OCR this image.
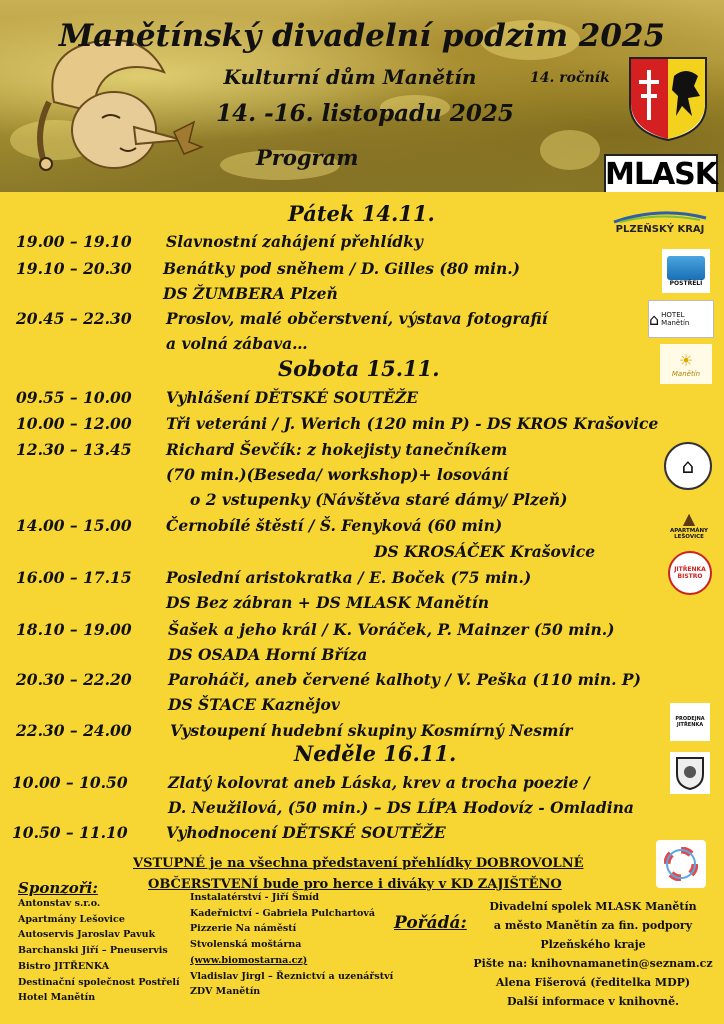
Manětínský divadelní podzim 2025
Kulturní dům Manětín	14. ročník
14. -16. listopadu 2025
Program	MLASK
Pátek 14.11.
19.00 – 19.10 Slavnostní zahájení přehlídky
19.10 – 20.30 Benátky pod sněhem / D. Gilles (80 min.)
DS ŽUMBERA Plzeň
20.45 – 22.30 Proslov, malé občerstvení, výstava fotografií
a volná zábava…
Sobota 15.11.
09.55 – 10.00 Vyhlášení DĚTSKÉ SOUTĚŽE
10.00 – 12.00 Tři veteráni / J. Werich (120 min P) - DS KROS Krašovice
12.30 – 13.45 Richard Ševčík: z hokejisty tanečníkem
(70 min.)(Beseda/ workshop)+ losování
o 2 vstupenky (Návštěva staré dámy/ Plzeň)
14.00 – 15.00 Černobílé štěstí / Š. Fenyková (60 min)
DS KROSÁČEK Krašovice
16.00 – 17.15 Poslední aristokratka / E. Boček (75 min.)
DS Bez zábran + DS MLASK Manětín
18.10 – 19.00 Šašek a jeho král / K. Voráček, P. Mainzer (50 min.)
DS OSADA Horní Bříza
20.30 – 22.20 Paroháči, aneb červené kalhoty / V. Peška (110 min. P)
DS ŠTACE Kaznějov
22.30 – 24.00 Vystoupení hudební skupiny Kosmírný Nesmír
Neděle 16.11.
10.00 – 10.50	Zlatý kolovrat aneb Láska, krev a trocha poezie /
D. Neužilová, (50 min.) – DS LÍPA Hodovíz - Omladina
10.50 – 11.10 Vyhodnocení DĚTSKÉ SOUTĚŽE
PLZEŇSKÝ KRAJ
POSTŘELÍ
⌂ HOTEL Manětín
☀
Manětín
⌂
▲
APARTMÁNY LEŠOVICE
JITŘENKA BISTRO
PRODEJNA JITŘENKA
VSTUPNÉ je na všechna představení přehlídky DOBROVOLNÉ
OBČERSTVENÍ bude pro herce i diváky v KD ZAJIŠTĚNO
Sponzoři:
Antonstav s.r.o.
Apartmány Lešovice
Autoservis Jaroslav Pavuk
Barchanski Jiří – Pneuservis
Bistro JITŘENKA
Destinační společnost Postřelí
Hotel Manětín
Instalatérství - Jiří Šmíd
Kadeřnictví - Gabriela Pulchartová
Pizzerie Na náměstí
Stvolenská moštárna
(www.biomostarna.cz)
Vladislav Jirgl – Řeznictví a uzenářství
ZDV Manětín
Pořádá:
Divadelní spolek MLASK Manětín
a město Manětín za fin. podpory
Plzeňského kraje
Pište na: knihovnamanetin@seznam.cz
Alena Fišerová (ředitelka MDP)
Další informace v knihovně.
